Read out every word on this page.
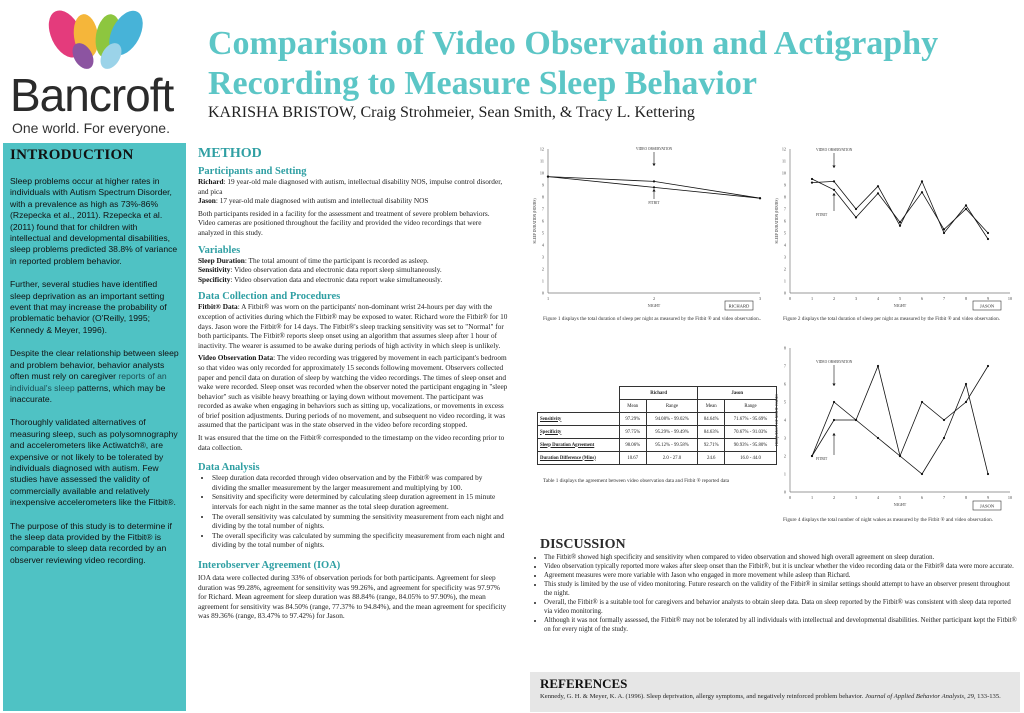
Bancroft
One world. For everyone.
Comparison of Video Observation and Actigraphy
Recording to Measure Sleep Behavior
KARISHA BRISTOW, Craig Strohmeier, Sean Smith, & Tracy L. Kettering
INTRODUCTION

Sleep problems occur at higher rates in individuals with Autism Spectrum Disorder, with a prevalence as high as 73%-86% (Rzepecka et al., 2011). Rzepecka et al. (2011) found that for children with intellectual and developmental disabilities, sleep problems predicted 38.8% of variance in reported problem behavior.

Further, several studies have identified sleep deprivation as an important setting event that may increase the probability of problematic behavior (O'Reilly, 1995; Kennedy & Meyer, 1996).

Despite the clear relationship between sleep and problem behavior, behavior analysts often must rely on caregiver reports of an individual's sleep patterns, which may be inaccurate.

Thoroughly validated alternatives of measuring sleep, such as polysomnography and accelerometers like Actiwatch®, are expensive or not likely to be tolerated by individuals diagnosed with autism. Few studies have assessed the validity of commercially available and relatively inexpensive accelerometers like the Fitbit®.

The purpose of this study is to determine if the sleep data provided by the Fitbit® is comparable to sleep data recorded by an observer reviewing video recording.

METHOD
Participants and Setting

Richard: 19 year-old male diagnosed with autism, intellectual disability NOS, impulse control disorder, and pica

Jason: 17 year-old male diagnosed with autism and intellectual disability NOS

Both participants resided in a facility for the assessment and treatment of severe problem behaviors. Video cameras are positioned throughout the facility and provided the video recordings that were analyzed in this study.

Variables

Sleep Duration: The total amount of time the participant is recorded as asleep.

Sensitivity: Video observation data and electronic data report sleep simultaneously.

Specificity: Video observation data and electronic data report wake simultaneously.

Data Collection and Procedures

Fitbit® Data: A Fitbit® was worn on the participants' non-dominant wrist 24-hours per day with the exception of activities during which the Fitbit® may be exposed to water. Richard wore the Fitbit® for 10 days. Jason wore the Fitbit® for 14 days. The Fitbit®'s sleep tracking sensitivity was set to "Normal" for both participants. The Fitbit® reports sleep onset using an algorithm that assumes sleep after 1 hour of inactivity. The wearer is assumed to be awake during periods of high activity in which sleep is unlikely.

Video Observation Data: The video recording was triggered by movement in each participant's bedroom so that video was only recorded for approximately 15 seconds following movement. Observers collected paper and pencil data on duration of sleep by watching the video recordings. The times of sleep onset and wake were recorded. Sleep onset was recorded when the observer noted the participant engaging in "sleep behavior" such as visible heavy breathing or laying down without movement. The participant was recorded as awake when engaging in behaviors such as sitting up, vocalizations, or movements in excess of brief position adjustments. During periods of no movement, and subsequent no video recording, it was assumed that the participant was in the state observed in the video before recording stopped.

It was ensured that the time on the Fitbit® corresponded to the timestamp on the video recording prior to data collection.

Data Analysis
• Sleep duration data recorded through video observation and by the Fitbit® was compared by dividing the smaller measurement by the larger measurement and multiplying by 100.
• Sensitivity and specificity were determined by calculating sleep duration agreement in 15 minute intervals for each night in the same manner as the total sleep duration agreement.
• The overall sensitivity was calculated by summing the sensitivity measurement from each night and dividing by the total number of nights.
• The overall specificity was calculated by summing the specificity measurement from each night and dividing by the total number of nights.
Interobserver Agreement (IOA)

IOA data were collected during 33% of observation periods for both participants. Agreement for sleep duration was 99.28%, agreement for sensitivity was 99.26%, and agreement for specificity was 97.97% for Richard. Mean agreement for sleep duration was 88.84% (range, 84.05% to 97.90%), the mean agreement for sensitivity was 84.50% (range, 77.37% to 94.84%), and the mean agreement for specificity was 89.36% (range, 83.47% to 97.42%) for Jason.

0
1
2
3
4
5
6
7
8
9
10
11
12
1	2	3
SLEEP DURATION (HOURS)
NIGHT
VIDEO OBSERVATION
FITBIT
RICHARD
Figure 1 displays the total duration of sleep per night as measured by the Fitbit ® and video observation..
0
1
2
3
4
5
6
7
8
9
10
11
12
0	1	2	3	4	5	6	7	8	9	10
SLEEP DURATION (HOURS)
NIGHT
VIDEO OBSERVATION
FITBIT
JASON
Figure 2 displays the total duration of sleep per night as measured by the Fitbit ® and video observation.
0
1
2
3
4
5
6
7
8
0	1	2	3	4	5	6	7	8	9	10
FREQUENCY OF NIGHT WAKES
NIGHT
VIDEO OBSERVATION
FITBIT
JASON
Figure 4 displays the total number of night wakes as measured by the Fitbit ® and video observation.
	Richard		Jason	
	Mean	Range	Mean	Range
Sensitivity	97.29%	94.08% - 99.02%	84.64%	71.67% - 95.69%
Specificity	97.75%	95.29% - 99.49%	84.63%	70.67% - 91.03%
Sleep Duration Agreement	98.06%	95.12% - 99.58%	92.71%	90.93% - 95.80%
Duration Difference (Mins)	10.67	2.0 - 27.0	24.6	16.0 - 44.0
Table 1 displays the agreement between video observation data and Fitbit ® reported data
DISCUSSION
• The Fitbit® showed high specificity and sensitivity when compared to video observation and showed high overall agreement on sleep duration.
• Video observation typically reported more wakes after sleep onset than the Fitbit®, but it is unclear whether the video recording data or the Fitbit® data were more accurate.
• Agreement measures were more variable with Jason who engaged in more movement while asleep than Richard.
• This study is limited by the use of video monitoring. Future research on the validity of the Fitbit® in similar settings should attempt to have an observer present throughout the night.
• Overall, the Fitbit® is a suitable tool for caregivers and behavior analysts to obtain sleep data. Data on sleep reported by the Fitbit® was consistent with sleep data reported via video monitoring.
• Although it was not formally assessed, the Fitbit® may not be tolerated by all individuals with intellectual and developmental disabilities. Neither participant kept the Fitbit® on for every night of the study.

REFERENCES

Kennedy, G. H. & Meyer, K. A. (1996). Sleep deprivation, allergy symptoms, and negatively reinforced problem behavior. Journal of Applied Behavior Analysis, 29, 133-135.
